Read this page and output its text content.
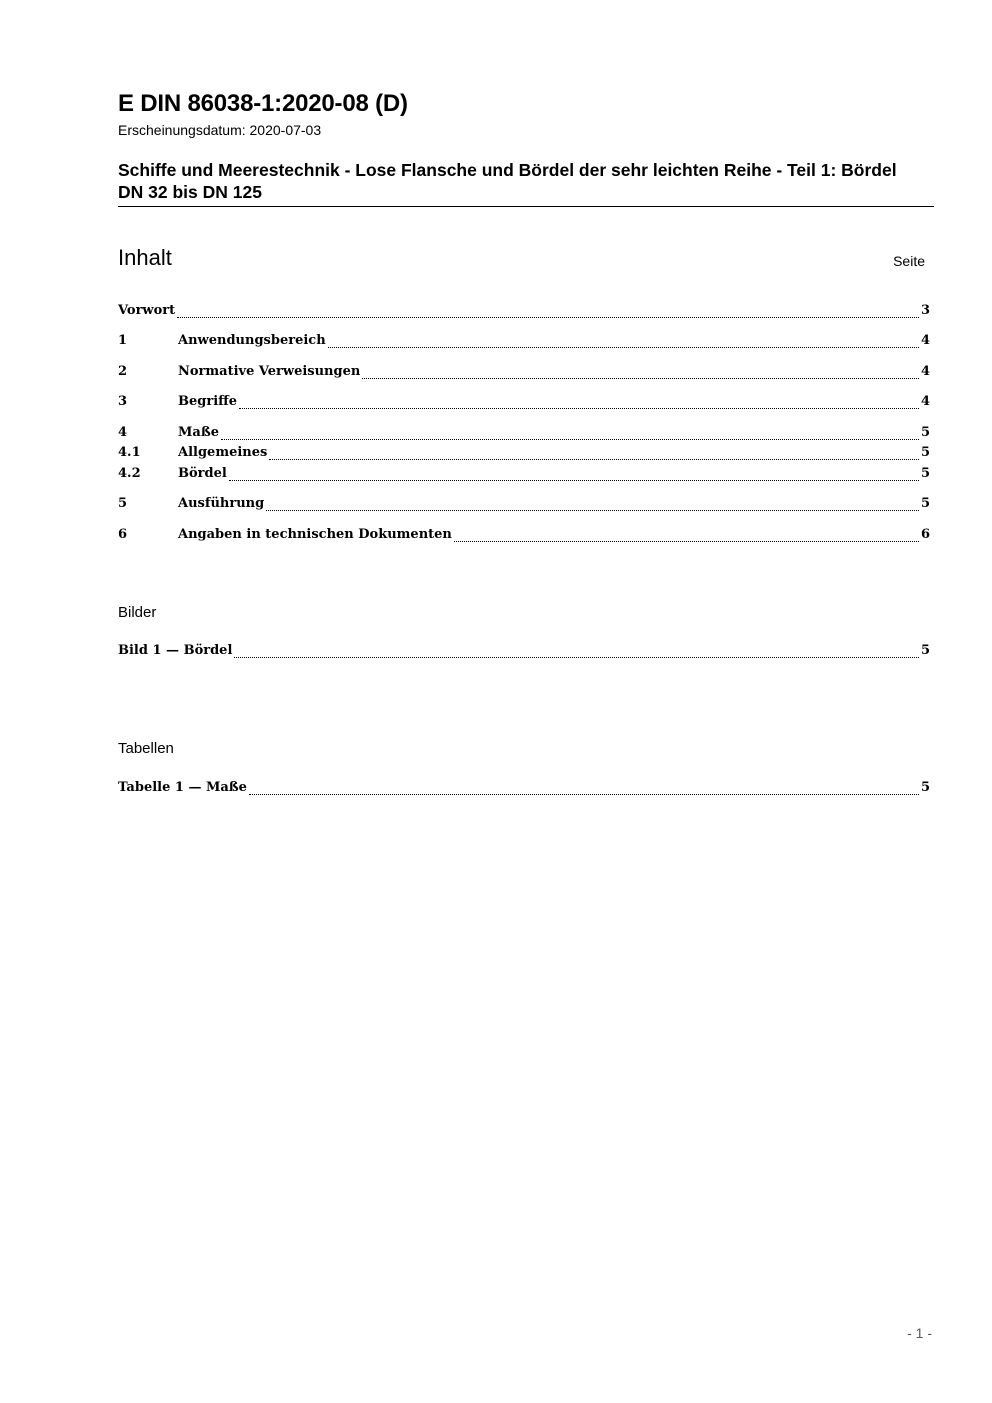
E DIN 86038-1:2020-08 (D)
Erscheinungsdatum: 2020-07-03
Schiffe und Meerestechnik - Lose Flansche und Bördel der sehr leichten Reihe - Teil 1: Bördel DN 32 bis DN 125
Inhalt	Seite
Vorwort	3
1	Anwendungsbereich	4
2	Normative Verweisungen	4
3	Begriffe	4
4	Maße	5
4.1	Allgemeines	5
4.2	Bördel	5
5	Ausführung	5
6	Angaben in technischen Dokumenten	6
Bilder
Bild 1 — Bördel	5
Tabellen
Tabelle 1 — Maße	5
- 1 -
